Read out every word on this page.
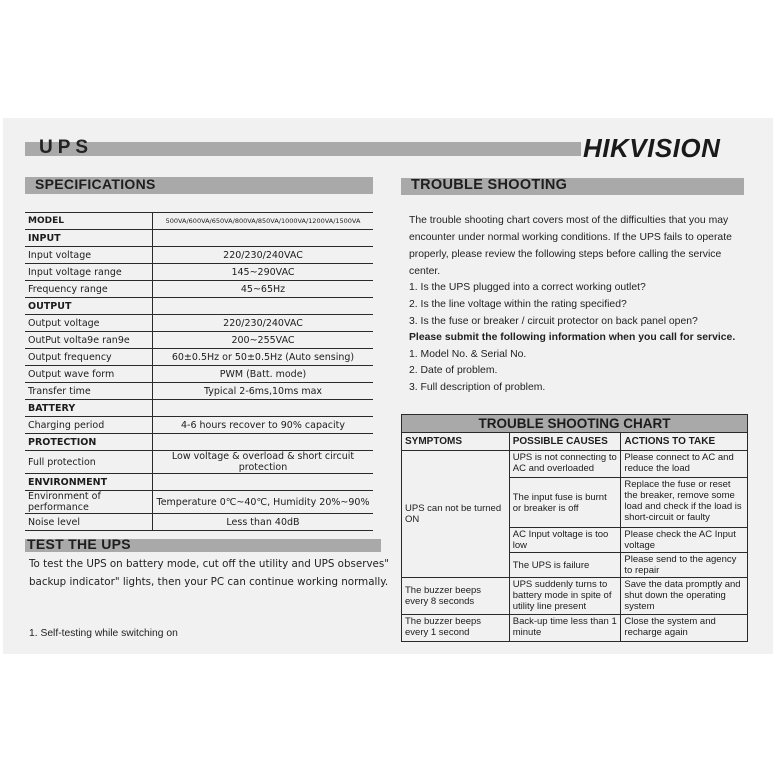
UPS	HIKVISION
SPECIFICATIONS
MODEL	500VA/600VA/650VA/800VA/850VA/1000VA/1200VA/1500VA
INPUT	
Input voltage	220/230/240VAC
Input voltage range	145~290VAC
Frequency range	45~65Hz
OUTPUT	
Output voltage	220/230/240VAC
OutPut volta9e ran9e	200~255VAC
Output frequency	60±0.5Hz or 50±0.5Hz (Auto sensing)
Output wave form	PWM (Batt. mode)
Transfer time	Typical 2-6ms,10ms max
BATTERY	
Charging period	4-6 hours recover to 90% capacity
PROTECTION	
Full protection	Low voltage & overload & short circuit protection
ENVIRONMENT	
Environment of performance	Temperature 0℃~40℃, Humidity 20%~90%
Noise level	Less than 40dB
TEST THE UPS
To test the UPS on battery mode, cut off the utility and UPS observes"
backup indicator" lights, then your PC can continue working normally.
1. Self-testing while switching on
TROUBLE SHOOTING
The trouble shooting chart covers most of the difficulties that you may
encounter under normal working conditions. If the UPS fails to operate
properly, please review the following steps before calling the service
center.
1. Is the UPS plugged into a correct working outlet?
2. Is the line voltage within the rating specified?
3. Is the fuse or breaker / circuit protector on back panel open?
Please submit the following information when you call for service.
1. Model No. & Serial No.
2. Date of problem.
3. Full description of problem.
TROUBLE SHOOTING CHART		
SYMPTOMS	POSSIBLE CAUSES	ACTIONS TO TAKE
UPS can not be turned ON	UPS is not connecting to AC and overloaded	Please connect to AC and reduce the load
	The input fuse is burnt or breaker is off	Replace the fuse or reset the breaker, remove some load and check if the load is short-circuit or faulty
	AC Input voltage is too low	Please check the AC Input voltage
	The UPS is failure	Please send to the agency to repair
The buzzer beeps every 8 seconds	UPS suddenly turns to battery mode in spite of utility line present	Save the data promptly and shut down the operating system
The buzzer beeps every 1 second	Back-up time less than 1 minute	Close the system and recharge again
